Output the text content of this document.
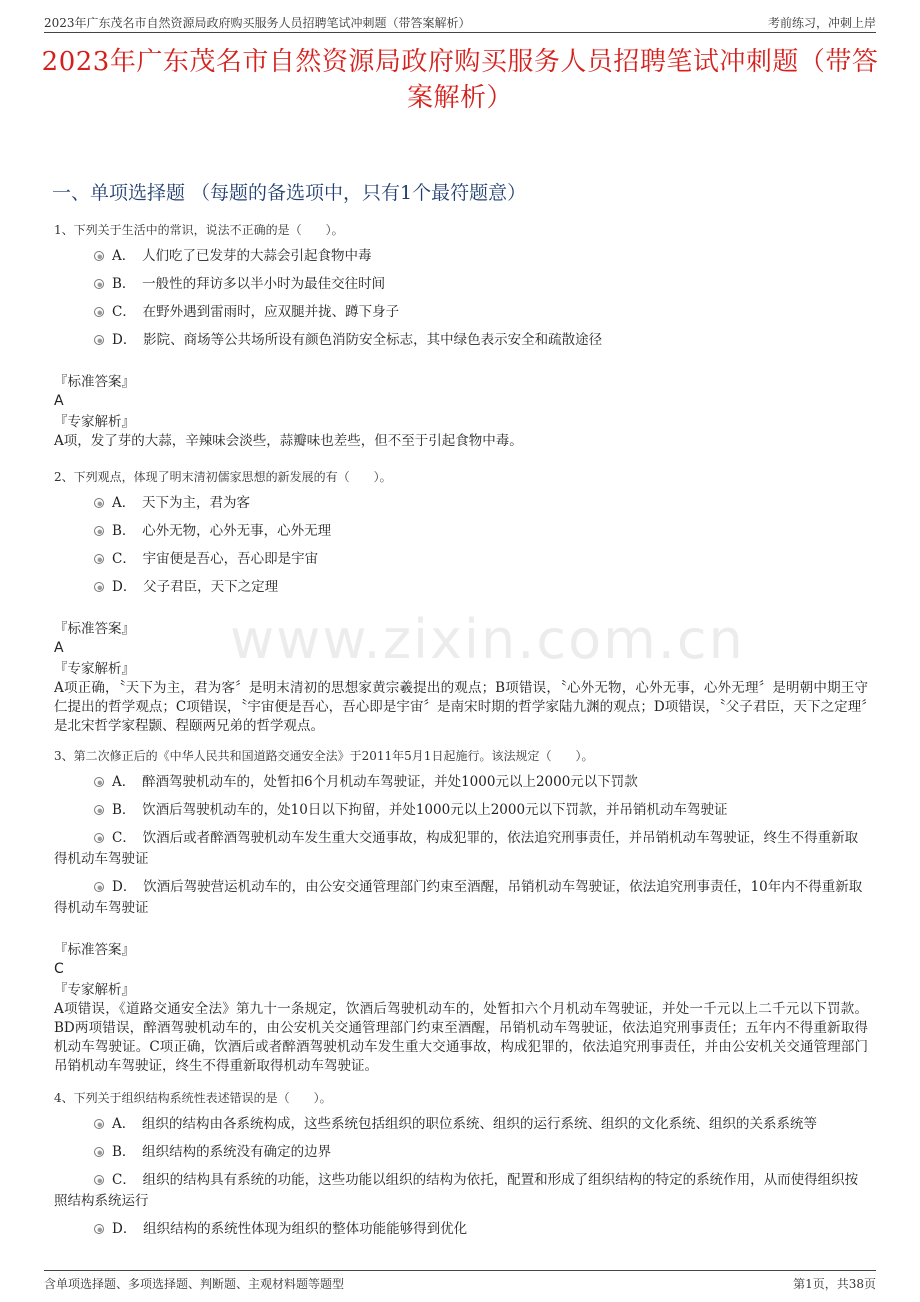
2023年广东茂名市自然资源局政府购买服务人员招聘笔试冲刺题（带答案解析）	考前练习，冲刺上岸
2023年广东茂名市自然资源局政府购买服务人员招聘笔试冲刺题（带答案解析）
一、单项选择题 （每题的备选项中，只有1个最符题意）
www.zixin.com.cn
1、下列关于生活中的常识，说法不正确的是（　　）。
A．　人们吃了已发芽的大蒜会引起食物中毒
B．　一般性的拜访多以半小时为最佳交往时间
C．　在野外遇到雷雨时，应双腿并拢、蹲下身子
D．　影院、商场等公共场所设有颜色消防安全标志，其中绿色表示安全和疏散途径
『标准答案』
A
『专家解析』
A项，发了芽的大蒜，辛辣味会淡些，蒜瓣味也差些，但不至于引起食物中毒。
2、下列观点，体现了明末清初儒家思想的新发展的有（　　）。
A．　天下为主，君为客
B．　心外无物，心外无事，心外无理
C．　宇宙便是吾心，吾心即是宇宙
D．　父子君臣，天下之定理
『标准答案』
A
『专家解析』
A项正确，〝天下为主，君为客〞是明末清初的思想家黄宗羲提出的观点；B项错误，〝心外无物，心外无事，心外无理〞是明朝中期王守仁提出的哲学观点；C项错误，〝宇宙便是吾心，吾心即是宇宙〞是南宋时期的哲学家陆九渊的观点；D项错误，〝父子君臣，天下之定理〞是北宋哲学家程颢、程颐两兄弟的哲学观点。
3、第二次修正后的《中华人民共和国道路交通安全法》于2011年5月1日起施行。该法规定（　　）。
A．　醉酒驾驶机动车的，处暂扣6个月机动车驾驶证，并处1000元以上2000元以下罚款
B．　饮酒后驾驶机动车的，处10日以下拘留，并处1000元以上2000元以下罚款，并吊销机动车驾驶证
C．　饮酒后或者醉酒驾驶机动车发生重大交通事故，构成犯罪的，依法追究刑事责任，并吊销机动车驾驶证，终生不得重新取得机动车驾驶证
D．　饮酒后驾驶营运机动车的，由公安交通管理部门约束至酒醒，吊销机动车驾驶证，依法追究刑事责任，10年内不得重新取得机动车驾驶证
『标准答案』
C
『专家解析』
A项错误，《道路交通安全法》第九十一条规定，饮酒后驾驶机动车的，处暂扣六个月机动车驾驶证，并处一千元以上二千元以下罚款。BD两项错误，醉酒驾驶机动车的，由公安机关交通管理部门约束至酒醒，吊销机动车驾驶证，依法追究刑事责任；五年内不得重新取得机动车驾驶证。C项正确，饮酒后或者醉酒驾驶机动车发生重大交通事故，构成犯罪的，依法追究刑事责任，并由公安机关交通管理部门吊销机动车驾驶证，终生不得重新取得机动车驾驶证。
4、下列关于组织结构系统性表述错误的是（　　）。
A．　组织的结构由各系统构成，这些系统包括组织的职位系统、组织的运行系统、组织的文化系统、组织的关系系统等
B．　组织结构的系统没有确定的边界
C．　组织的结构具有系统的功能，这些功能以组织的结构为依托，配置和形成了组织结构的特定的系统作用，从而使得组织按照结构系统运行
D．　组织结构的系统性体现为组织的整体功能能够得到优化
含单项选择题、多项选择题、判断题、主观材料题等题型	第1页，共38页
